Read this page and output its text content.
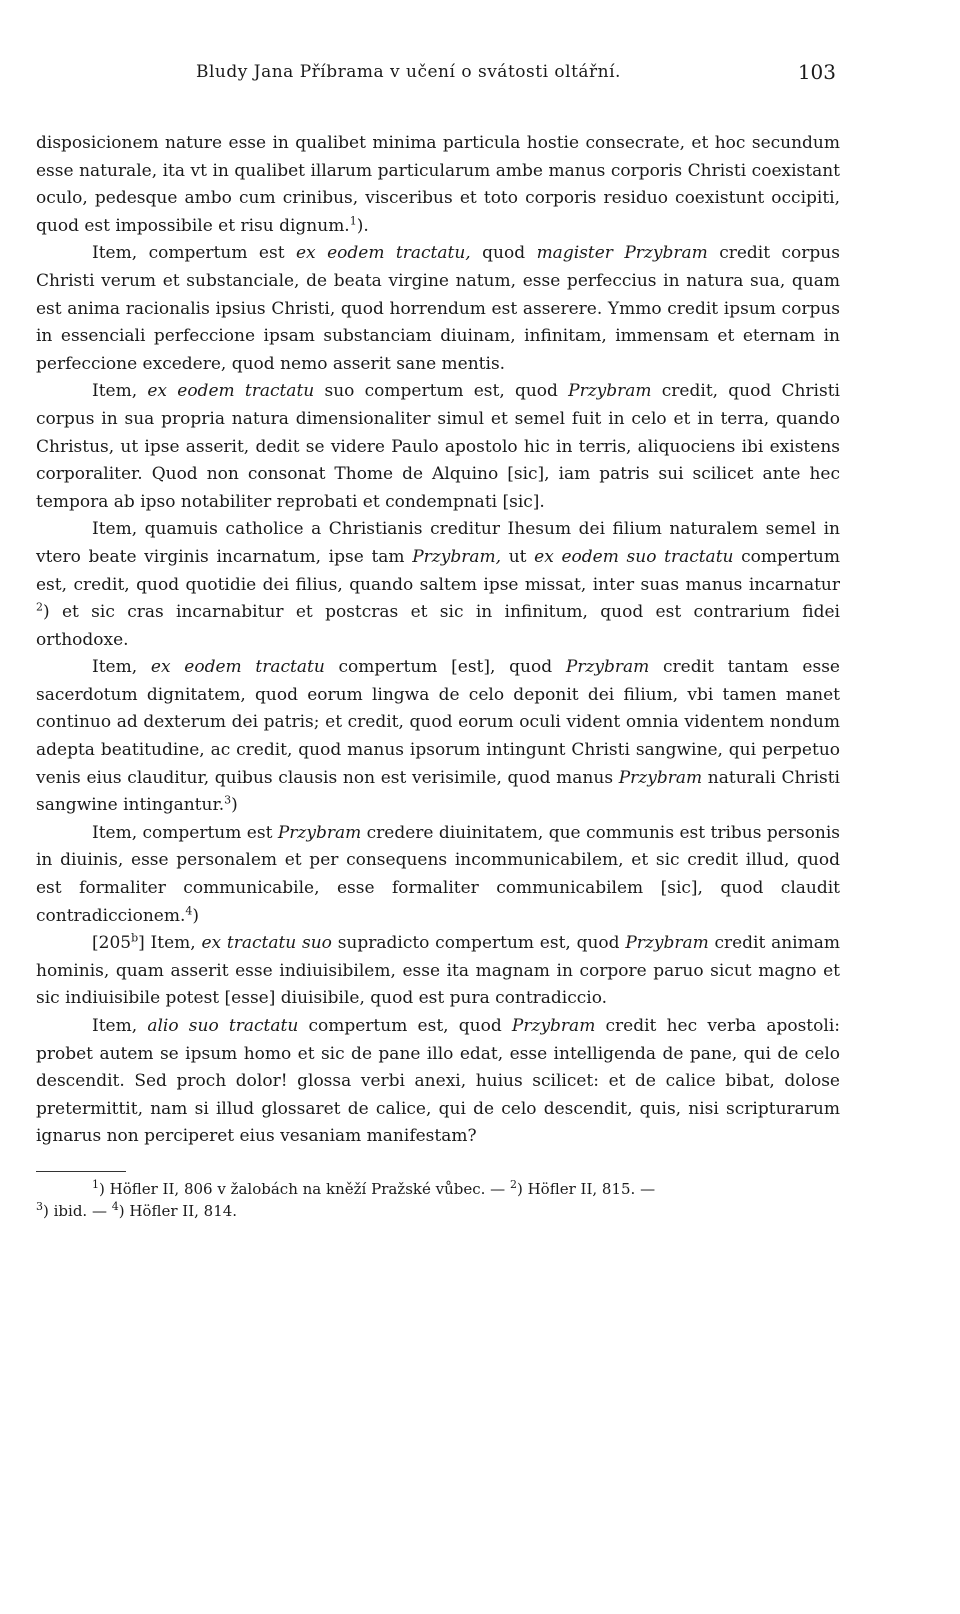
Bludy Jana Příbrama v učení o svátosti oltářní.	103

disposicionem nature esse in qualibet minima particula hostie consecrate, et hoc secundum esse naturale, ita vt in qualibet illarum particularum ambe manus corporis Christi coexistant oculo, pedesque ambo cum crinibus, visceribus et toto corporis residuo coexistunt occipiti, quod est impossibile et risu dignum.$^1$).

Item, compertum est ex eodem tractatu, quod magister Przybram credit corpus Christi verum et substanciale, de beata virgine natum, esse perfeccius in natura sua, quam est anima racionalis ipsius Christi, quod horrendum est asserere. Ymmo credit ipsum corpus in essenciali perfeccione ipsam substanciam diuinam, infinitam, immensam et eternam in perfeccione excedere, quod nemo asserit sane mentis.

Item, ex eodem tractatu suo compertum est, quod Przybram credit, quod Christi corpus in sua propria natura dimensionaliter simul et semel fuit in celo et in terra, quando Christus, ut ipse asserit, dedit se videre Paulo apostolo hic in terris, aliquociens ibi existens corporaliter. Quod non consonat Thome de Alquino [sic], iam patris sui scilicet ante hec tempora ab ipso notabiliter reprobati et condempnati [sic].

Item, quamuis catholice a Christianis creditur Ihesum dei filium naturalem semel in vtero beate virginis incarnatum, ipse tam Przybram, ut ex eodem suo tractatu compertum est, credit, quod quotidie dei filius, quando saltem ipse missat, inter suas manus incarnatur $^2$) et sic cras incarnabitur et postcras et sic in infinitum, quod est contrarium fidei orthodoxe.

Item, ex eodem tractatu compertum [est], quod Przybram credit tantam esse sacerdotum dignitatem, quod eorum lingwa de celo deponit dei filium, vbi tamen manet continuo ad dexterum dei patris; et credit, quod eorum oculi vident omnia videntem nondum adepta beatitudine, ac credit, quod manus ipsorum intingunt Christi sangwine, qui perpetuo venis eius clauditur, quibus clausis non est verisimile, quod manus Przybram naturali Christi sangwine intingantur.$^3$)

Item, compertum est Przybram credere diuinitatem, que communis est tribus personis in diuinis, esse personalem et per consequens incommunicabilem, et sic credit illud, quod est formaliter communicabile, esse formaliter communicabilem [sic], quod claudit contradiccionem.$^4$)

[205$^b$] Item, ex tractatu suo supradicto compertum est, quod Przybram credit animam hominis, quam asserit esse indiuisibilem, esse ita magnam in corpore paruo sicut magno et sic indiuisibile potest [esse] diuisibile, quod est pura contradiccio.

Item, alio suo tractatu compertum est, quod Przybram credit hec verba apostoli: probet autem se ipsum homo et sic de pane illo edat, esse intelligenda de pane, qui de celo descendit. Sed proch dolor! glossa verbi anexi, huius scilicet: et de calice bibat, dolose pretermittit, nam si illud glossaret de calice, qui de celo descendit, quis, nisi scripturarum ignarus non perciperet eius vesaniam manifestam?

$^1$) Höfler II, 806 v žalobách na kněží Pražské vůbec. — $^2$) Höfler II, 815. —
$^3$) ibid. — $^4$) Höfler II, 814.
